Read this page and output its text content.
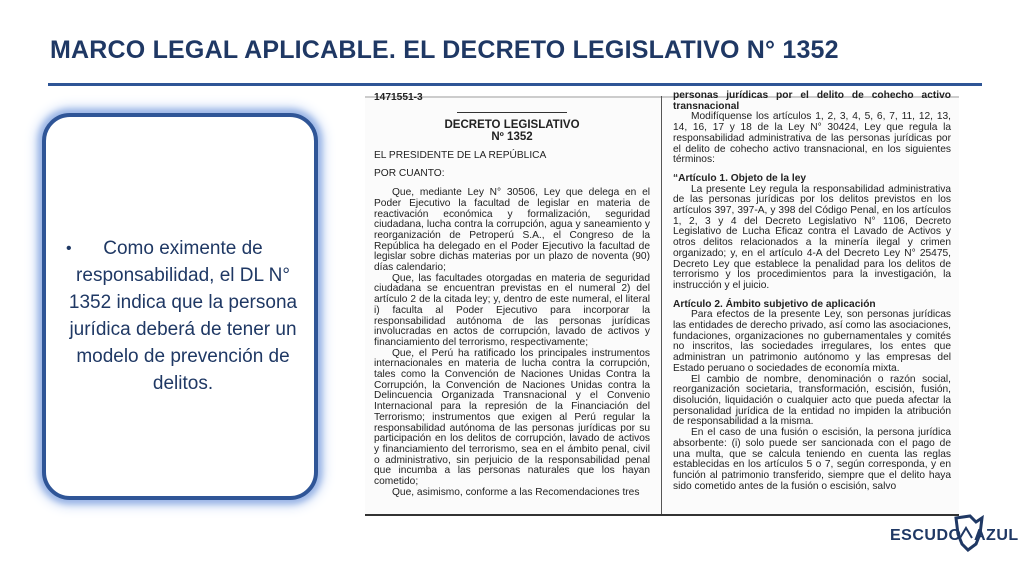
MARCO LEGAL APLICABLE. EL DECRETO LEGISLATIVO N° 1352
• Como eximente de responsabilidad, el DL N° 1352 indica que la persona jurídica deberá de tener un modelo de prevención de delitos.

1471551-3

DECRETO LEGISLATIVO

Nº 1352

EL PRESIDENTE DE LA REPÚBLICA

POR CUANTO:

Que, mediante Ley N° 30506, Ley que delega en el Poder Ejecutivo la facultad de legislar en materia de reactivación económica y formalización, seguridad ciudadana, lucha contra la corrupción, agua y saneamiento y reorganización de Petroperú S.A., el Congreso de la República ha delegado en el Poder Ejecutivo la facultad de legislar sobre dichas materias por un plazo de noventa (90) días calendario;

Que, las facultades otorgadas en materia de seguridad ciudadana se encuentran previstas en el numeral 2) del artículo 2 de la citada ley; y, dentro de este numeral, el literal i) faculta al Poder Ejecutivo para incorporar la responsabilidad autónoma de las personas jurídicas involucradas en actos de corrupción, lavado de activos y financiamiento del terrorismo, respectivamente;

Que, el Perú ha ratificado los principales instrumentos internacionales en materia de lucha contra la corrupción, tales como la Convención de Naciones Unidas Contra la Corrupción, la Convención de Naciones Unidas contra la Delincuencia Organizada Transnacional y el Convenio Internacional para la represión de la Financiación del Terrorismo; instrumentos que exigen al Perú regular la responsabilidad autónoma de las personas jurídicas por su participación en los delitos de corrupción, lavado de activos y financiamiento del terrorismo, sea en el ámbito penal, civil o administrativo, sin perjuicio de la responsabilidad penal que incumba a las personas naturales que los hayan cometido;

Que, asimismo, conforme a las Recomendaciones tres

personas jurídicas por el delito de cohecho activo transnacional

Modifíquense los artículos 1, 2, 3, 4, 5, 6, 7, 11, 12, 13, 14, 16, 17 y 18 de la Ley N° 30424, Ley que regula la responsabilidad administrativa de las personas jurídicas por el delito de cohecho activo transnacional, en los siguientes términos:

“Artículo 1. Objeto de la ley

La presente Ley regula la responsabilidad administrativa de las personas jurídicas por los delitos previstos en los artículos 397, 397-A, y 398 del Código Penal, en los artículos 1, 2, 3 y 4 del Decreto Legislativo N° 1106, Decreto Legislativo de Lucha Eficaz contra el Lavado de Activos y otros delitos relacionados a la minería ilegal y crimen organizado; y, en el artículo 4-A del Decreto Ley N° 25475, Decreto Ley que establece la penalidad para los delitos de terrorismo y los procedimientos para la investigación, la instrucción y el juicio.

Artículo 2. Ámbito subjetivo de aplicación

Para efectos de la presente Ley, son personas jurídicas las entidades de derecho privado, así como las asociaciones, fundaciones, organizaciones no gubernamentales y comités no inscritos, las sociedades irregulares, los entes que administran un patrimonio autónomo y las empresas del Estado peruano o sociedades de economía mixta.

El cambio de nombre, denominación o razón social, reorganización societaria, transformación, escisión, fusión, disolución, liquidación o cualquier acto que pueda afectar la personalidad jurídica de la entidad no impiden la atribución de responsabilidad a la misma.

En el caso de una fusión o escisión, la persona jurídica absorbente: (i) solo puede ser sancionada con el pago de una multa, que se calcula teniendo en cuenta las reglas establecidas en los artículos 5 o 7, según corresponda, y en función al patrimonio transferido, siempre que el delito haya sido cometido antes de la fusión o escisión, salvo

ESCUDO AZUL
